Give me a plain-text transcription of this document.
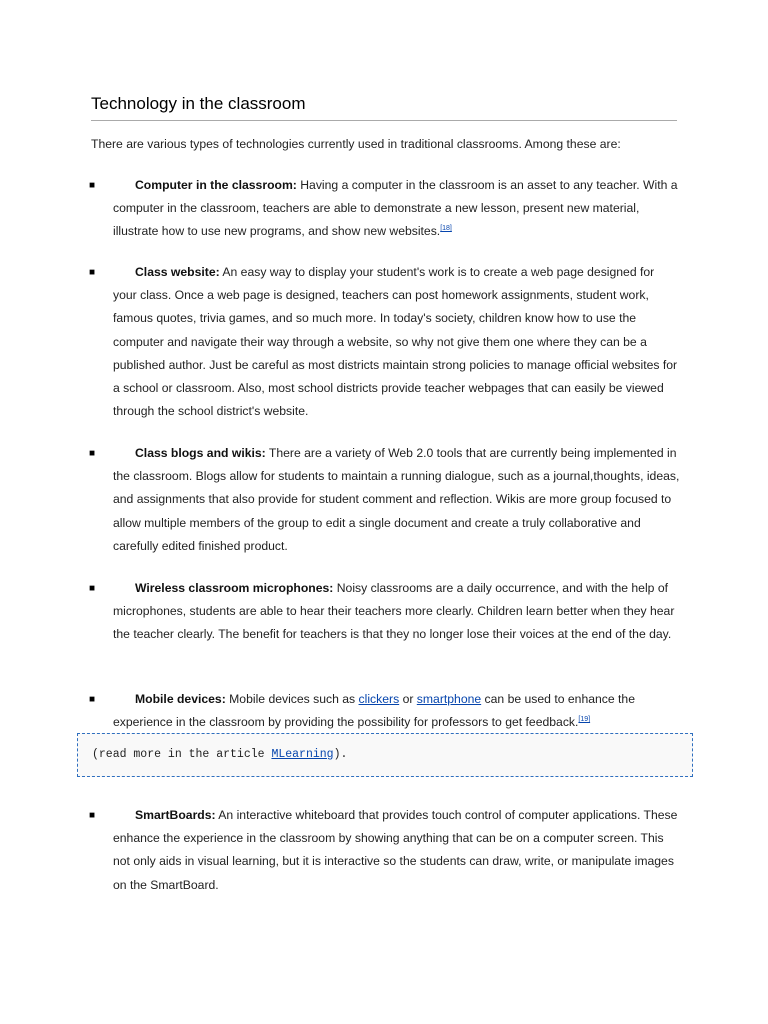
Technology in the classroom
There are various types of technologies currently used in traditional classrooms. Among these are:
■	Computer in the classroom: Having a computer in the classroom is an asset to any teacher. With a computer in the classroom, teachers are able to demonstrate a new lesson, present new material, illustrate how to use new programs, and show new websites.[18]
■	Class website: An easy way to display your student's work is to create a web page designed for your class. Once a web page is designed, teachers can post homework assignments, student work, famous quotes, trivia games, and so much more. In today's society, children know how to use the computer and navigate their way through a website, so why not give them one where they can be a published author. Just be careful as most districts maintain strong policies to manage official websites for a school or classroom. Also, most school districts provide teacher webpages that can easily be viewed through the school district's website.
■	Class blogs and wikis: There are a variety of Web 2.0 tools that are currently being implemented in the classroom. Blogs allow for students to maintain a running dialogue, such as a journal,thoughts, ideas, and assignments that also provide for student comment and reflection. Wikis are more group focused to allow multiple members of the group to edit a single document and create a truly collaborative and carefully edited finished product.
■	Wireless classroom microphones: Noisy classrooms are a daily occurrence, and with the help of microphones, students are able to hear their teachers more clearly. Children learn better when they hear the teacher clearly. The benefit for teachers is that they no longer lose their voices at the end of the day.
■	Mobile devices: Mobile devices such as clickers or smartphone can be used to enhance the experience in the classroom by providing the possibility for professors to get feedback.[19]
(read more in the article MLearning).
■	SmartBoards: An interactive whiteboard that provides touch control of computer applications. These enhance the experience in the classroom by showing anything that can be on a computer screen. This not only aids in visual learning, but it is interactive so the students can draw, write, or manipulate images on the SmartBoard.
